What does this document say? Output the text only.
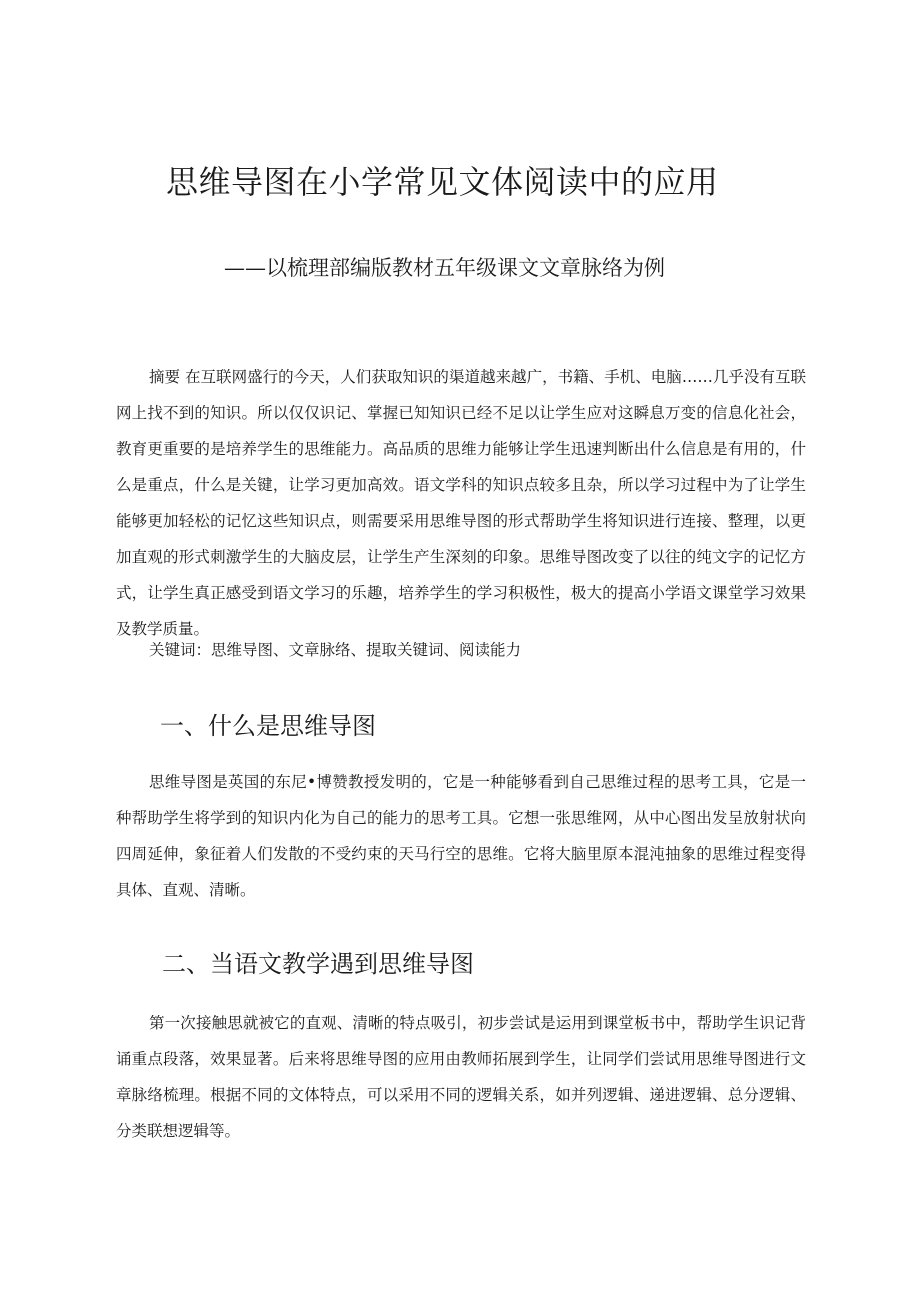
思维导图在小学常见文体阅读中的应用
——以梳理部编版教材五年级课文文章脉络为例

摘要 在互联网盛行的今天，人们获取知识的渠道越来越广，书籍、手机、电脑……几乎没有互联网上找不到的知识。所以仅仅识记、掌握已知知识已经不足以让学生应对这瞬息万变的信息化社会，教育更重要的是培养学生的思维能力。高品质的思维力能够让学生迅速判断出什么信息是有用的，什么是重点，什么是关键，让学习更加高效。语文学科的知识点较多且杂，所以学习过程中为了让学生能够更加轻松的记忆这些知识点，则需要采用思维导图的形式帮助学生将知识进行连接、整理，以更加直观的形式刺激学生的大脑皮层，让学生产生深刻的印象。思维导图改变了以往的纯文字的记忆方式，让学生真正感受到语文学习的乐趣，培养学生的学习积极性，极大的提高小学语文课堂学习效果及教学质量。

关键词：思维导图、文章脉络、提取关键词、阅读能力

一、什么是思维导图

思维导图是英国的东尼•博赞教授发明的，它是一种能够看到自己思维过程的思考工具，它是一种帮助学生将学到的知识内化为自己的能力的思考工具。它想一张思维网，从中心图出发呈放射状向四周延伸，象征着人们发散的不受约束的天马行空的思维。它将大脑里原本混沌抽象的思维过程变得具体、直观、清晰。

二、当语文教学遇到思维导图

第一次接触思就被它的直观、清晰的特点吸引，初步尝试是运用到课堂板书中，帮助学生识记背诵重点段落，效果显著。后来将思维导图的应用由教师拓展到学生，让同学们尝试用思维导图进行文章脉络梳理。根据不同的文体特点，可以采用不同的逻辑关系，如并列逻辑、递进逻辑、总分逻辑、分类联想逻辑等。
